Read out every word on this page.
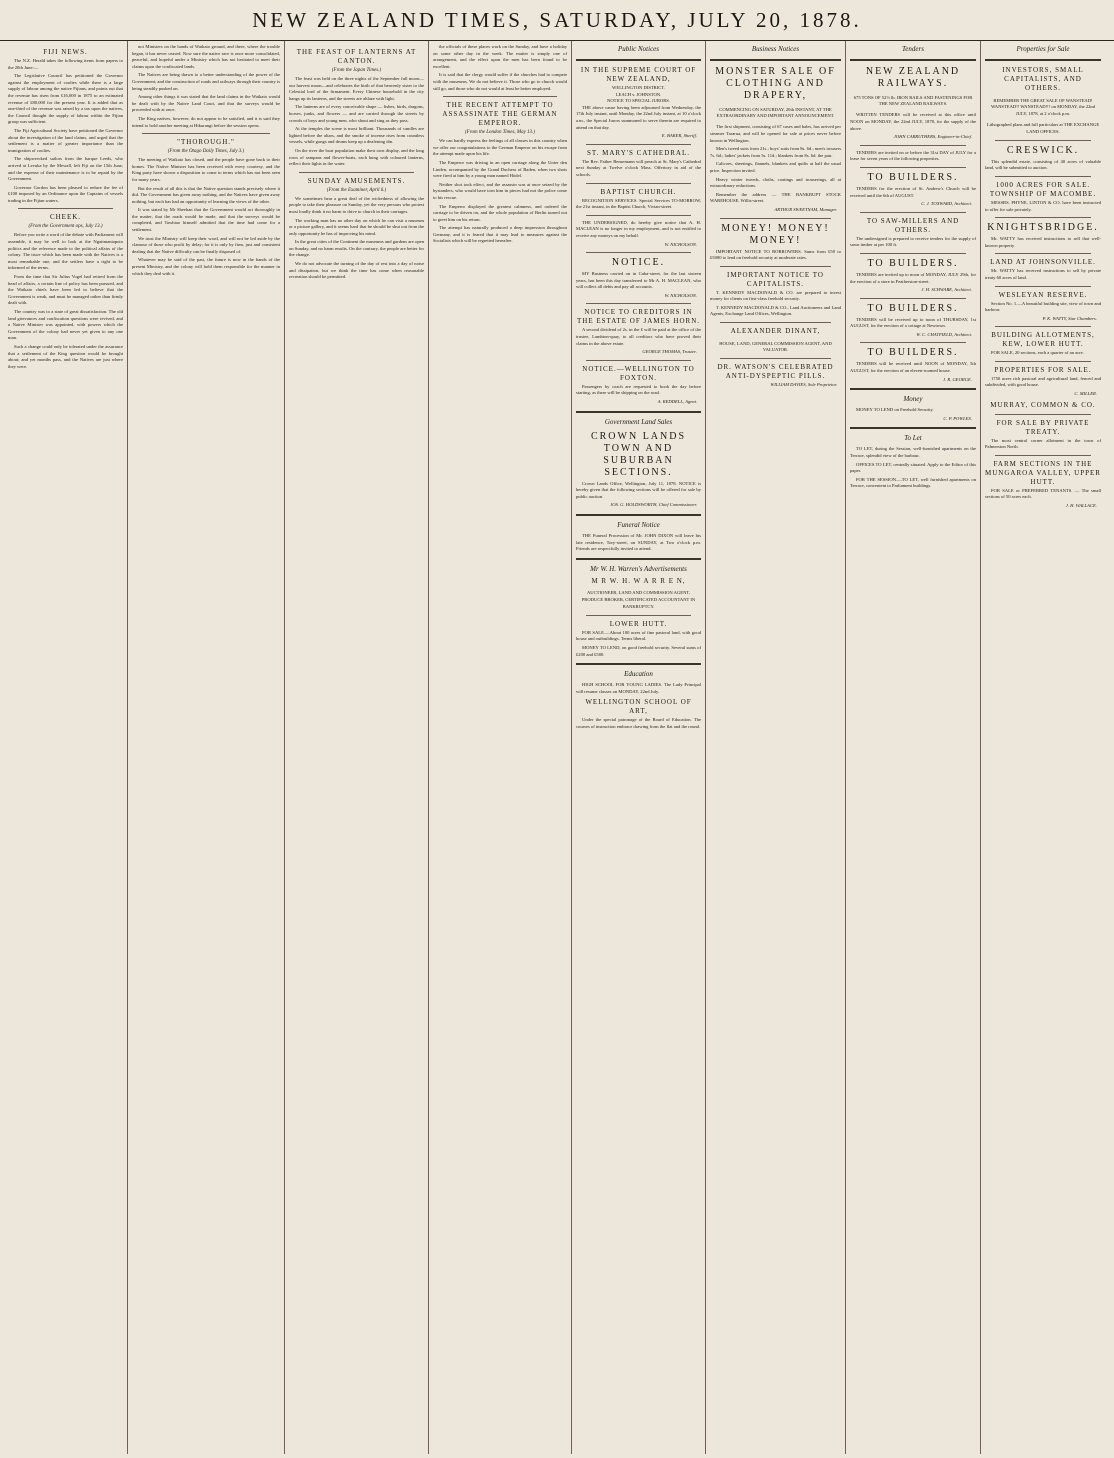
NEW ZEALAND TIMES, SATURDAY, JULY 20, 1878.
FIJI NEWS.

The N.Z. Herald takes the following items from papers to the 20th June:—

The Legislative Council has petitioned the Governor against the employment of coolies while there is a large supply of labour among the native Fijians, and points out that the revenue has risen from £16,000 in 1875 to an estimated revenue of £80,000 for the present year. It is added that as one-third of the revenue was raised by a tax upon the natives, the Council thought the supply of labour within the Fijian group was sufficient.

The Fiji Agricultural Society have petitioned the Governor about the investigation of the land claims, and urged that the settlement is a matter of greater importance than the immigration of coolies.

The shipwrecked sailors from the barque Leeds, who arrived at Levuka by the Mewall, left Fiji on the 15th June, and the expense of their maintenance is to be repaid by the Government.

Governor Gordon has been pleased to reduce the fee of £100 imposed by an Ordinance upon the Captains of vessels trading in the Fijian waters.

CHEEK.
(From the Government ops, July 13.)

Before you write a word of the debate with Parliament will assemble, it may be well to look at the Ngatimaniapoto politics and the reference made to the political affairs of the colony. The truce which has been made with the Natives is a most remarkable one, and the settlers have a right to be informed of the terms.

From the time that Sir Julius Vogel had retired from the head of affairs, a certain line of policy has been pursued, and the Waikato chiefs have been led to believe that the Government is weak, and must be managed rather than firmly dealt with.

The country was to a state of great dissatisfaction. The old land grievances and confiscation questions were revived, and a Native Minister was appointed, with powers which the Government of the colony had never yet given to any one man.

Such a change could only be tolerated under the assurance that a settlement of the King question would be brought about; and yet months pass, and the Natives are just where they were.

not Ministers on the hands of Waikato ground, and there, where the trouble began, it has never ceased. Now sure the native race is once more consolidated, peaceful, and hopeful under a Ministry which has not hesitated to meet their claims upon the confiscated lands.

The Natives are being drawn to a better understanding of the power of the Government; and the construction of roads and railways through their country is being steadily pushed on.

Among other things it was stated that the land claims in the Waikato would be dealt with by the Native Land Court, and that the surveys would be proceeded with at once.

The King natives, however, do not appear to be satisfied, and it is said they intend to hold another meeting at Hikurangi before the session opens.

"THOROUGH."
(From the Otago Daily Times, July 3.)

The meeting of Waikato has closed, and the people have gone back to their homes. The Native Minister has been received with every courtesy, and the King party have shown a disposition to come to terms which has not been seen for many years.

But the result of all this is that the Native question stands precisely where it did. The Government has given away nothing, and the Natives have given away nothing, but each has had an opportunity of learning the views of the other.

It was stated by Mr Sheehan that the Government would act thoroughly in the matter, that the roads would be made, and that the surveys would be completed, and Tawhiao himself admitted that the time had come for a settlement.

We trust the Ministry will keep their word, and will not be led aside by the clamour of those who profit by delay; for it is only by firm, just and consistent dealing that the Native difficulty can be finally disposed of.

Whatever may be said of the past, the future is now in the hands of the present Ministry, and the colony will hold them responsible for the manner in which they deal with it.

THE FEAST OF LANTERNS AT CANTON.
(From the Japan Times.)

The feast was held on the three nights of the September full moon—our harvest moon—and celebrates the birth of that heavenly sister to the Celestial lord of the firmament. Every Chinese household in the city hangs up its lanterns, and the streets are ablaze with light.

The lanterns are of every conceivable shape — fishes, birds, dragons, horses, junks, and flowers — and are carried through the streets by crowds of boys and young men, who shout and sing as they pass.

At the temples the scene is most brilliant. Thousands of candles are lighted before the altars, and the smoke of incense rises from countless vessels, while gongs and drums keep up a deafening din.

On the river the boat population make their own display, and the long rows of sampans and flower-boats, each hung with coloured lanterns, reflect their lights in the water.

SUNDAY AMUSEMENTS.
(From the Examiner, April 6.)

We sometimes hear a great deal of the wickedness of allowing the people to take their pleasure on Sunday, yet the very persons who protest most loudly think it no harm to drive to church in their carriages.

The working man has no other day on which he can visit a museum or a picture gallery, and it seems hard that he should be shut out from the only opportunity he has of improving his mind.

In the great cities of the Continent the museums and gardens are open on Sunday, and no harm results. On the contrary, the people are better for the change.

We do not advocate the turning of the day of rest into a day of noise and dissipation, but we think the time has come when reasonable recreation should be permitted.

the officials of these places work on the Sunday, and have a holiday on some other day in the week. The matter is simply one of arrangement, and the effect upon the men has been found to be excellent.

It is said that the clergy would suffer if the churches had to compete with the museums. We do not believe it. Those who go to church would still go, and those who do not would at least be better employed.

THE RECENT ATTEMPT TO ASSASSINATE THE GERMAN EMPEROR.
(From the London Times, May 13.)

We can hardly express the feelings of all classes in this country when we offer our congratulations to the German Emperor on his escape from the attempt made upon his life.

The Emperor was driving in an open carriage along the Unter den Linden, accompanied by the Grand Duchess of Baden, when two shots were fired at him by a young man named Hödel.

Neither shot took effect, and the assassin was at once seized by the bystanders, who would have torn him in pieces had not the police come to his rescue.

The Emperor displayed the greatest calmness, and ordered the carriage to be driven on, and the whole population of Berlin turned out to greet him on his return.

The attempt has naturally produced a deep impression throughout Germany, and it is feared that it may lead to measures against the Socialists which will be regretted hereafter.

Public Notices
IN THE SUPREME COURT OF NEW ZEALAND,
WELLINGTON DISTRICT.
LEACH v. JOHNSTON.
NOTICE TO SPECIAL JURORS.

THE above cause having been adjourned from Wednesday, the 17th July instant, until Monday, the 22nd July instant, at 10 o'clock a.m., the Special Jurors summoned to serve therein are required to attend on that day.

E. BAKER, Sheriff.
ST. MARY'S CATHEDRAL.

The Rev. Father Bensemann will preach at St. Mary's Cathedral next Sunday at Twelve o'clock Mass. Offertory in aid of the schools.

BAPTIST CHURCH.

RECOGNITION SERVICES. Special Services TO-MORROW, the 21st instant, in the Baptist Church, Vivian-street.

THE UNDERSIGNED, do hereby give notice that A. H. MACLEAN is no longer in my employment, and is not entitled to receive any moneys on my behalf.

W. NICHOLSON.
NOTICE.

MY Business carried on in Cuba-street, for the last sixteen years, has been this day transferred to Mr A. H. MACLEAN, who will collect all debts and pay all accounts.

W. NICHOLSON.
NOTICE TO CREDITORS IN THE ESTATE OF JAMES HORN.

A second dividend of 2s. in the £ will be paid at the office of the trustee, Lambton-quay, to all creditors who have proved their claims in the above estate.

GEORGE THOMAS, Trustee.
NOTICE.—WELLINGTON TO FOXTON.

Passengers by coach are requested to book the day before starting, as there will be shipping on the road.

A. REDDELL, Agent.
Government Land Sales
CROWN LANDS TOWN AND SUBURBAN SECTIONS.

Crown Lands Office, Wellington, July 11, 1878. NOTICE is hereby given that the following sections will be offered for sale by public auction.

JOS. G. HOLDSWORTH, Chief Commissioner.
Funeral Notice

THE Funeral Procession of Mr. JOHN DIXON will leave his late residence, Tory-street, on SUNDAY, at Two o'clock p.m. Friends are respectfully invited to attend.

Mr W. H. Warren's Advertisements
M R W. H. W A R R E N,

AUCTIONEER, LAND AND COMMISSION AGENT, PRODUCE BROKER, CERTIFICATED ACCOUNTANT IN BANKRUPTCY.

LOWER HUTT.

FOR SALE.—About 100 acres of fine pastoral land, with good house and outbuildings. Terms liberal.

MONEY TO LEND, on good freehold security. Several sums of £200 and £500.

Education

HIGH SCHOOL FOR YOUNG LADIES. The Lady Principal will resume classes on MONDAY, 22nd July.

WELLINGTON SCHOOL OF ART,

Under the special patronage of the Board of Education. The courses of instruction embrace drawing from the flat and the round.

Business Notices
MONSTER SALE OF CLOTHING AND DRAPERY,

COMMENCING ON SATURDAY, 20th INSTANT, AT THE EXTRAORDINARY AND IMPORTANT ANNOUNCEMENT.

The first shipment, consisting of 67 cases and bales, has arrived per steamer Tararua, and will be opened for sale at prices never before known in Wellington.

Men's tweed suits from 21s.; boys' suits from 8s. 6d.; men's trousers 7s. 6d.; ladies' jackets from 5s. 11d.; blankets from 8s. 6d. the pair.

Calicoes, sheetings, flannels, blankets and quilts at half the usual price. Inspection invited.

Heavy winter tweeds, cloths, coatings and trouserings, all at extraordinary reductions.

Remember the address — THE BANKRUPT STOCK WAREHOUSE, Willis-street.

ARTHUR SWEETNAM, Manager.
MONEY! MONEY! MONEY!

IMPORTANT NOTICE TO BORROWERS. Sums from £50 to £5000 to lend on freehold security at moderate rates.

IMPORTANT NOTICE TO CAPITALISTS.

T. KENNEDY MACDONALD & CO. are prepared to invest money for clients on first-class freehold security.

T. KENNEDY MACDONALD & CO., Land Auctioneers and Land Agents, Exchange Land Offices, Wellington.

ALEXANDER DINANT,

HOUSE, LAND, GENERAL COMMISSION AGENT, AND VALUATOR.

DR. WATSON'S CELEBRATED ANTI-DYSPEPTIC PILLS.
WILLIAM DAVIES, Sole Proprietor.
Tenders
NEW ZEALAND RAILWAYS.

675 TONS OF 52½ lb. IRON RAILS AND FASTENINGS FOR THE NEW ZEALAND RAILWAYS.

WRITTEN TENDERS will be received at this office until NOON on MONDAY, the 22nd JULY, 1878, for the supply of the above.

JOHN CARRUTHERS, Engineer-in-Chief.

TENDERS are invited on or before the 31st DAY of JULY for a lease for seven years of the following properties.

TO BUILDERS.

TENDERS for the erection of St. Andrew's Church will be received until the 6th of AUGUST.

C. J. TOXWARD, Architect.
TO SAW-MILLERS AND OTHERS.

The undersigned is prepared to receive tenders for the supply of sawn timber at per 100 ft.

TO BUILDERS.

TENDERS are invited up to noon of MONDAY, JULY 29th, for the erection of a store in Featherston-street.

J. H. SCHWABE, Architect.
TO BUILDERS.

TENDERS will be received up to noon of THURSDAY, 1st AUGUST, for the erection of a cottage at Newtown.

W. C. CHATFIELD, Architect.
TO BUILDERS.

TENDERS will be received until NOON of MONDAY, 5th AUGUST, for the erection of an eleven-roomed house.

J. R. GEORGE.
Money

MONEY TO LEND on Freehold Security.

C. P. POWLES.
To Let

TO LET, during the Session, well-furnished apartments on the Terrace, splendid view of the harbour.

OFFICES TO LET, centrally situated. Apply to the Editor of this paper.

FOR THE SESSION.—TO LET, well furnished apartments on Terrace, convenient to Parliament buildings.

Properties for Sale
INVESTORS, SMALL CAPITALISTS, AND OTHERS.

REMEMBER THE GREAT SALE OF WANSTEAD! WANSTEAD!! WANSTEAD!!! on MONDAY, the 22nd JULY, 1878, at 2 o'clock p.m.

Lithographed plans and full particulars at THE EXCHANGE LAND OFFICES.

CRESWICK.

This splendid estate, consisting of 40 acres of valuable land, will be submitted to auction.

1000 ACRES FOR SALE. TOWNSHIP OF MACOMBE.

MESSRS. PHYNE, LINTON & CO. have been instructed to offer for sale privately.

KNIGHTSBRIDGE.

Mr. WATTY has received instructions to sell that well-known property.

LAND AT JOHNSONVILLE.

Mr. WATTY has received instructions to sell by private treaty 60 acres of land.

WESLEYAN RESERVE.

Section No. 1.—A beautiful building site, view of town and harbour.

P. K. WATTY, Star Chambers.
BUILDING ALLOTMENTS, KEW, LOWER HUTT.

FOR SALE, 20 sections, each a quarter of an acre.

PROPERTIES FOR SALE.

1750 acres rich pastoral and agricultural land, fenced and subdivided, with good house.

C. MILLER.
MURRAY, COMMON & CO.
FOR SALE BY PRIVATE TREATY.

The most central corner allotment in the town of Palmerston North.

FARM SECTIONS IN THE MUNGAROA VALLEY, UPPER HUTT.

FOR SALE or PREFERRED TENANTS. — The small sections of 50 acres each.

J. H. WALLACE.
